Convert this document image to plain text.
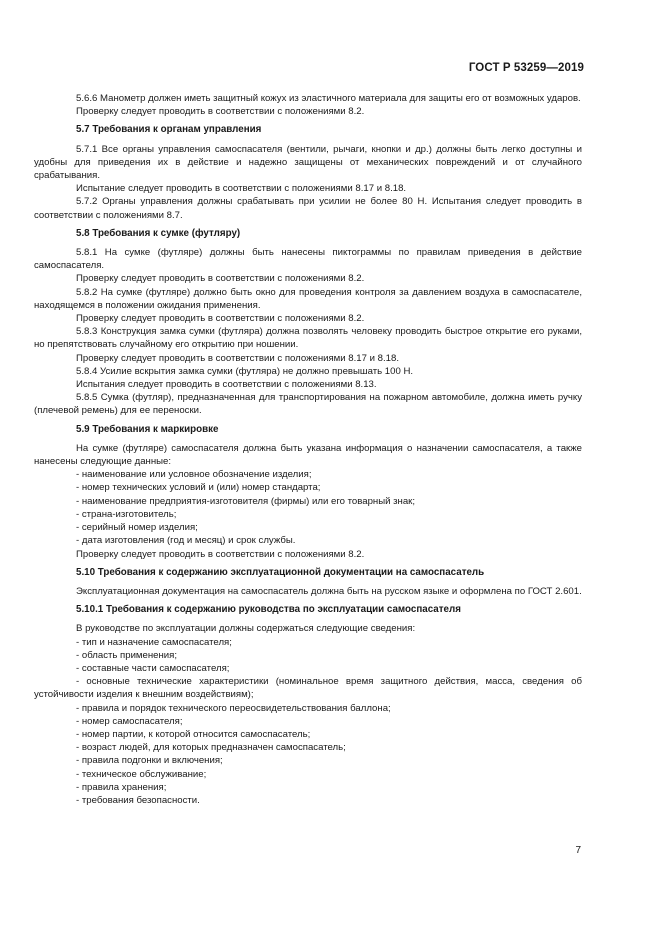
ГОСТ Р 53259—2019
5.6.6 Манометр должен иметь защитный кожух из эластичного материала для защиты его от возможных ударов.
Проверку следует проводить в соответствии с положениями 8.2.
5.7 Требования к органам управления
5.7.1 Все органы управления самоспасателя (вентили, рычаги, кнопки и др.) должны быть легко доступны и удобны для приведения их в действие и надежно защищены от механических повреждений и от случайного срабатывания.
Испытание следует проводить в соответствии с положениями 8.17 и 8.18.
5.7.2 Органы управления должны срабатывать при усилии не более 80 Н. Испытания следует проводить в соответствии с положениями 8.7.
5.8 Требования к сумке (футляру)
5.8.1 На сумке (футляре) должны быть нанесены пиктограммы по правилам приведения в действие самоспасателя.
Проверку следует проводить в соответствии с положениями 8.2.
5.8.2 На сумке (футляре) должно быть окно для проведения контроля за давлением воздуха в самоспасателе, находящемся в положении ожидания применения.
Проверку следует проводить в соответствии с положениями 8.2.
5.8.3 Конструкция замка сумки (футляра) должна позволять человеку проводить быстрое открытие его руками, но препятствовать случайному его открытию при ношении.
Проверку следует проводить в соответствии с положениями 8.17 и 8.18.
5.8.4 Усилие вскрытия замка сумки (футляра) не должно превышать 100 Н.
Испытания следует проводить в соответствии с положениями 8.13.
5.8.5 Сумка (футляр), предназначенная для транспортирования на пожарном автомобиле, должна иметь ручку (плечевой ремень) для ее переноски.
5.9 Требования к маркировке
На сумке (футляре) самоспасателя должна быть указана информация о назначении самоспасателя, а также нанесены следующие данные:
- наименование или условное обозначение изделия;
- номер технических условий и (или) номер стандарта;
- наименование предприятия-изготовителя (фирмы) или его товарный знак;
- страна-изготовитель;
- серийный номер изделия;
- дата изготовления (год и месяц) и срок службы.
Проверку следует проводить в соответствии с положениями 8.2.
5.10 Требования к содержанию эксплуатационной документации на самоспасатель
Эксплуатационная документация на самоспасатель должна быть на русском языке и оформлена по ГОСТ 2.601.
5.10.1 Требования к содержанию руководства по эксплуатации самоспасателя
В руководстве по эксплуатации должны содержаться следующие сведения:
- тип и назначение самоспасателя;
- область применения;
- составные части самоспасателя;
- основные технические характеристики (номинальное время защитного действия, масса, сведения об устойчивости изделия к внешним воздействиям);
- правила и порядок технического переосвидетельствования баллона;
- номер самоспасателя;
- номер партии, к которой относится самоспасатель;
- возраст людей, для которых предназначен самоспасатель;
- правила подгонки и включения;
- техническое обслуживание;
- правила хранения;
- требования безопасности.
7
